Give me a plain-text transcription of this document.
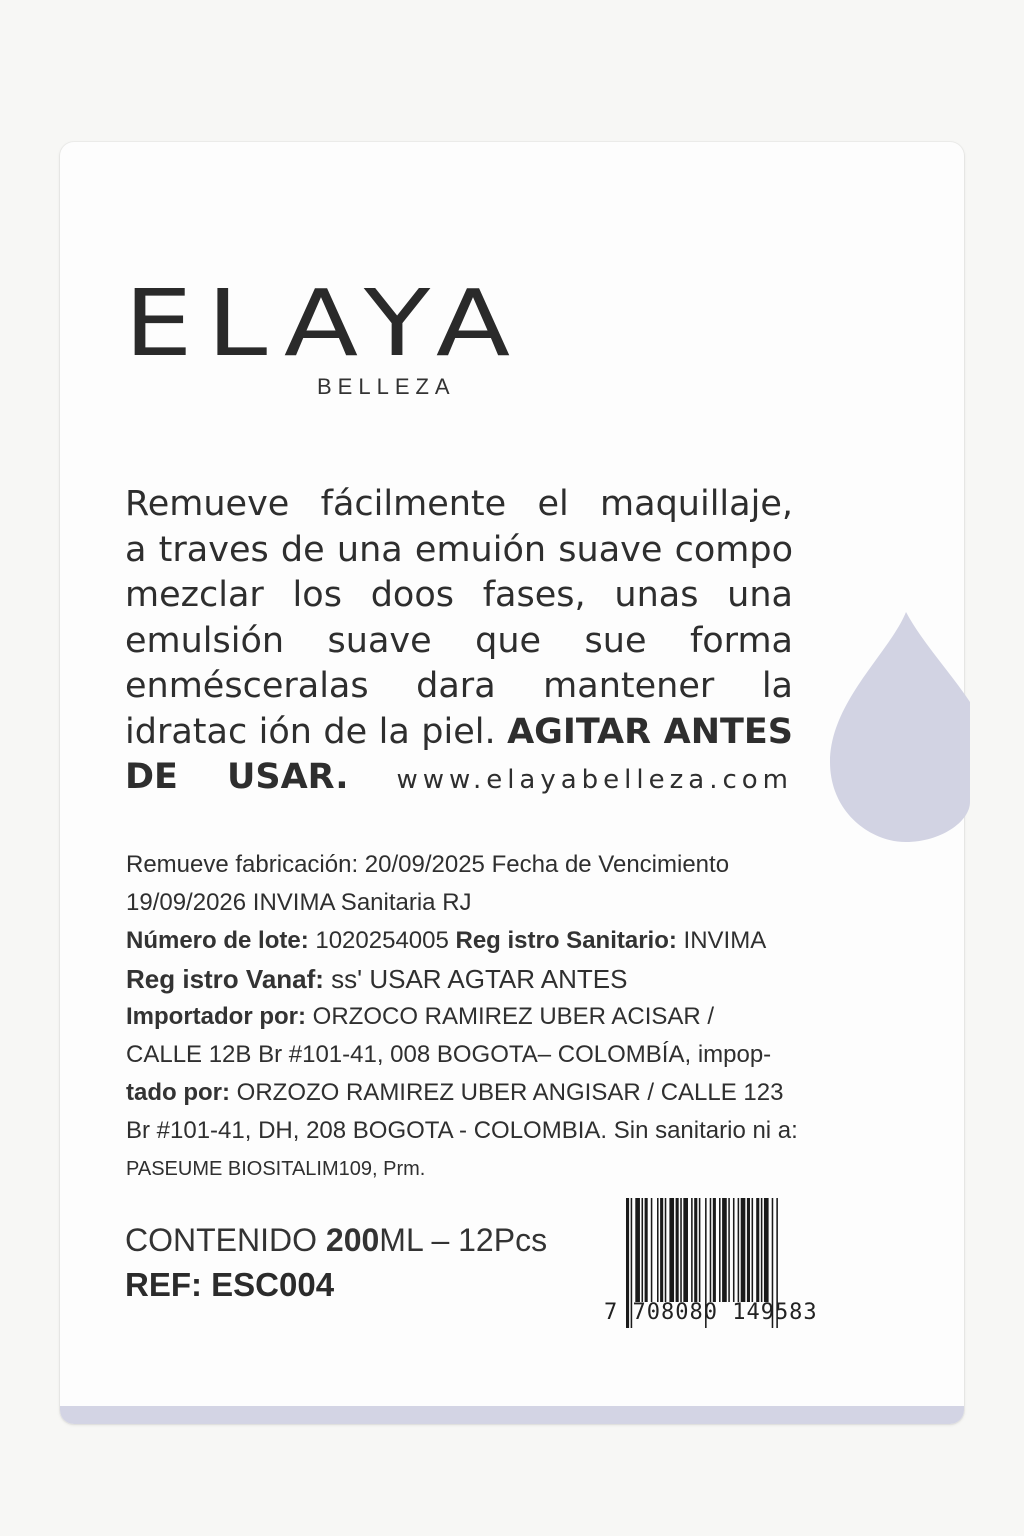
ELAYA
BELLEZA
Remueve fácilmente el maquillaje,
a traves de una emuión suave compo
mezclar los doos fases, unas una
emulsión suave que sue forma
enmésceralas dara mantener la
idratac ión de la piel. AGITAR ANTES
DE USAR. www.elayabelleza.com
Remueve fabricación: 20/09/2025 Fecha de Vencimiento
19/09/2026 INVIMA Sanitaria RJ
Número de lote: 1020254005 Reg istro Sanitario: INVIMA
Reg istro Vanaf: ss' USAR AGTAR ANTES
Importador por: ORZOCO RAMIREZ UBER ACISAR /
CALLE 12B Br #101-41, 008 BOGOTA– COLOMBÍA, impop-
tado por: ORZOZO RAMIREZ UBER ANGISAR / CALLE 123
Br #101-41, DH, 208 BOGOTA - COLOMBIA. Sin sanitario ni a:
PASEUME BIOSITALIM109, Prm.
CONTENIDO 200ML – 12Pcs
REF: ESC004
7 708080 149583
